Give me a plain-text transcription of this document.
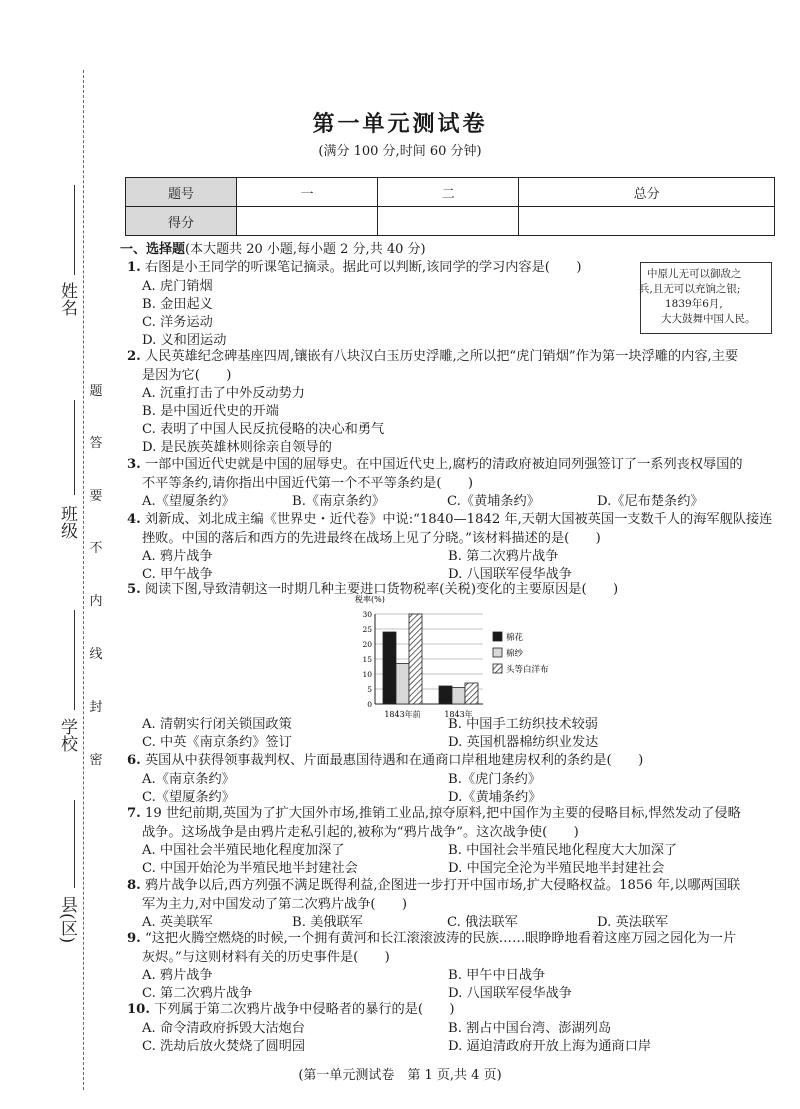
姓名
班级
学校
县(区)
题
答
要
不
内
线
封
密
第一单元测试卷
(满分 100 分,时间 60 分钟)
题号	一	二	总分
得分			
一、选择题(本大题共 20 小题,每小题 2 分,共 40 分)
中原儿无可以御敌之
兵,且无可以充饷之银;
1839年6月,
大大鼓舞中国人民。
1. 右图是小王同学的听课笔记摘录。据此可以判断,该同学的学习内容是(　　)
A. 虎门销烟
B. 金田起义
C. 洋务运动
D. 义和团运动
2. 人民英雄纪念碑基座四周,镶嵌有八块汉白玉历史浮雕,之所以把“虎门销烟”作为第一块浮雕的内容,主要
是因为它(　　)
A. 沉重打击了中外反动势力
B. 是中国近代史的开端
C. 表明了中国人民反抗侵略的决心和勇气
D. 是民族英雄林则徐亲自领导的
3. 一部中国近代史就是中国的屈辱史。在中国近代史上,腐朽的清政府被迫同列强签订了一系列丧权辱国的
不平等条约,请你指出中国近代第一个不平等条约是(　　)
A.《望厦条约》	B.《南京条约》	C.《黄埔条约》	D.《尼布楚条约》
4. 刘新成、刘北成主编《世界史・近代卷》中说:“1840—1842 年,天朝大国被英国一支数千人的海军舰队接连
挫败。中国的落后和西方的先进最终在战场上见了分晓。”该材料描述的是(　　)
A. 鸦片战争	B. 第二次鸦片战争
C. 甲午战争	D. 八国联军侵华战争
5. 阅读下图,导致清朝这一时期几种主要进口货物税率(关税)变化的主要原因是(　　)
A. 清朝实行闭关锁国政策	B. 中国手工纺织技术较弱
C. 中英《南京条约》签订	D. 英国机器棉纺织业发达
6. 英国从中获得领事裁判权、片面最惠国待遇和在通商口岸租地建房权利的条约是(　　)
A.《南京条约》	B.《虎门条约》
C.《望厦条约》	D.《黄埔条约》
7. 19 世纪前期,英国为了扩大国外市场,推销工业品,掠夺原料,把中国作为主要的侵略目标,悍然发动了侵略
战争。这场战争是由鸦片走私引起的,被称为“鸦片战争”。这次战争使(　　)
A. 中国社会半殖民地化程度加深了	B. 中国社会半殖民地化程度大大加深了
C. 中国开始沦为半殖民地半封建社会	D. 中国完全沦为半殖民地半封建社会
8. 鸦片战争以后,西方列强不满足既得利益,企图进一步打开中国市场,扩大侵略权益。1856 年,以哪两国联
军为主力,对中国发动了第二次鸦片战争(　　)
A. 英美联军	B. 美俄联军	C. 俄法联军	D. 英法联军
9. “这把火腾空燃烧的时候,一个拥有黄河和长江滚滚波涛的民族……眼睁睁地看着这座万园之园化为一片
灰烬。”与这则材料有关的历史事件是(　　)
A. 鸦片战争	B. 甲午中日战争
C. 第二次鸦片战争	D. 八国联军侵华战争
10. 下列属于第二次鸦片战争中侵略者的暴行的是(　　)
A. 命令清政府拆毁大沽炮台	B. 割占中国台湾、澎湖列岛
C. 洗劫后放火焚烧了圆明园	D. 逼迫清政府开放上海为通商口岸
税率(%)
0
5
10
15
20
25
30
1843年前	1843年
棉花
棉纱
头等白洋布
(第一单元测试卷　第 1 页,共 4 页)
